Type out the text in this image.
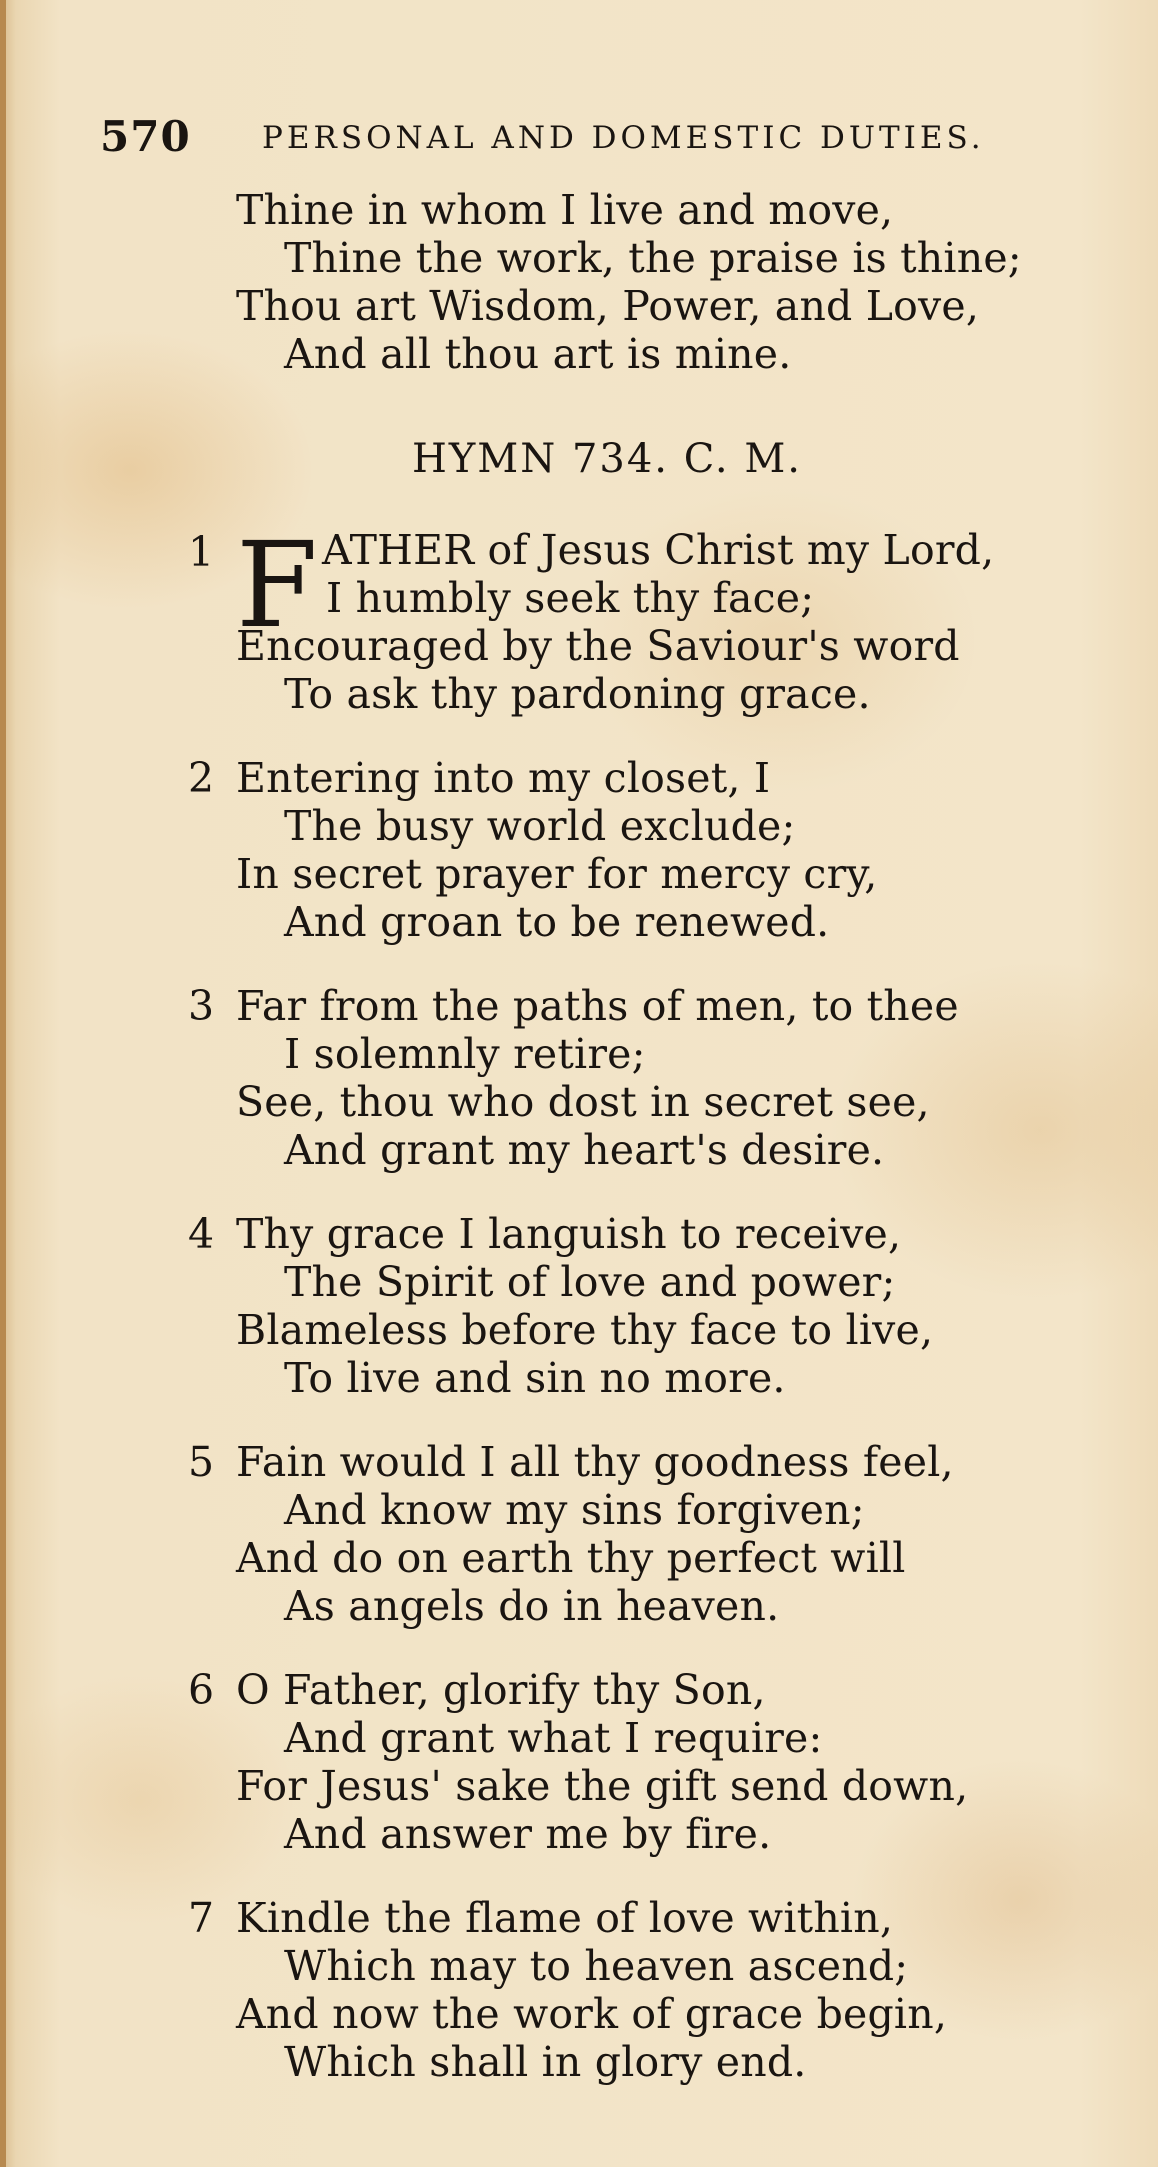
570 PERSONAL AND DOMESTIC DUTIES.
Thine in whom I live and move,
Thine the work, the praise is thine;
Thou art Wisdom, Power, and Love,
And all thou art is mine.
HYMN 734. C. M.
1 F ATHER of Jesus Christ my Lord,
I humbly seek thy face;
Encouraged by the Saviour's word
To ask thy pardoning grace.
2 Entering into my closet, I
The busy world exclude;
In secret prayer for mercy cry,
And groan to be renewed.
3 Far from the paths of men, to thee
I solemnly retire;
See, thou who dost in secret see,
And grant my heart's desire.
4 Thy grace I languish to receive,
The Spirit of love and power;
Blameless before thy face to live,
To live and sin no more.
5 Fain would I all thy goodness feel,
And know my sins forgiven;
And do on earth thy perfect will
As angels do in heaven.
6 O Father, glorify thy Son,
And grant what I require:
For Jesus' sake the gift send down,
And answer me by fire.
7 Kindle the flame of love within,
Which may to heaven ascend;
And now the work of grace begin,
Which shall in glory end.
